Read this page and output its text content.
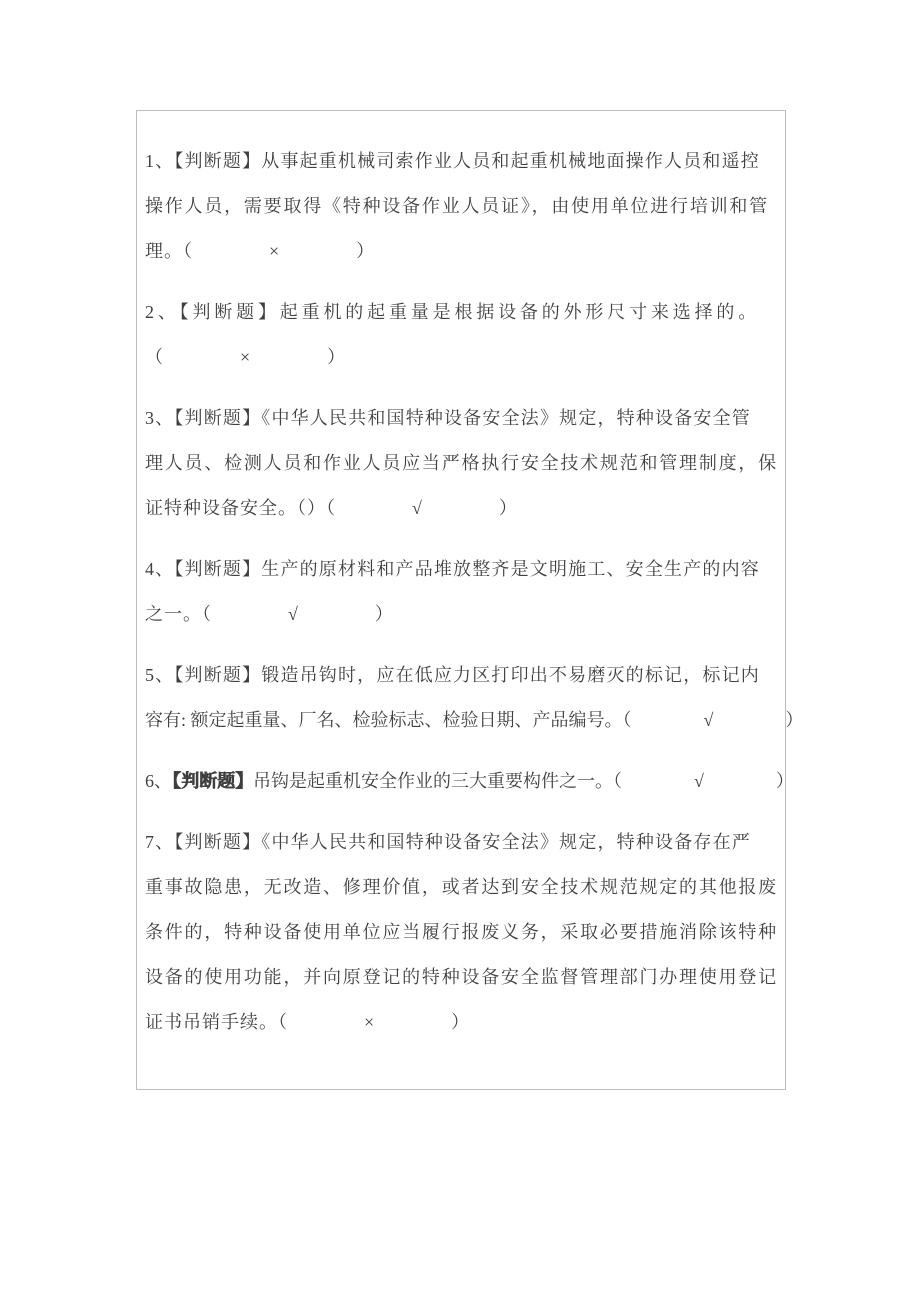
1、【判断题】从事起重机械司索作业人员和起重机械地面操作人员和遥控
操作人员，需要取得《特种设备作业人员证》，由使用单位进行培训和管
理。（　　　　×　　　　）
2、【判断题】起重机的起重量是根据设备的外形尺寸来选择的。
（　　　　×　　　　）
3、【判断题】《中华人民共和国特种设备安全法》规定，特种设备安全管
理人员、检测人员和作业人员应当严格执行安全技术规范和管理制度，保
证特种设备安全。（）（　　　　√　　　　）
4、【判断题】生产的原材料和产品堆放整齐是文明施工、安全生产的内容
之一。（　　　　√　　　　）
5、【判断题】锻造吊钩时，应在低应力区打印出不易磨灭的标记，标记内
容有: 额定起重量、厂名、检验标志、检验日期、产品编号。（　　　　√　　　　）
6、【判断题】吊钩是起重机安全作业的三大重要构件之一。（　　　　√　　　　）
7、【判断题】《中华人民共和国特种设备安全法》规定，特种设备存在严
重事故隐患，无改造、修理价值，或者达到安全技术规范规定的其他报废
条件的，特种设备使用单位应当履行报废义务，采取必要措施消除该特种
设备的使用功能，并向原登记的特种设备安全监督管理部门办理使用登记
证书吊销手续。（　　　　×　　　　）
